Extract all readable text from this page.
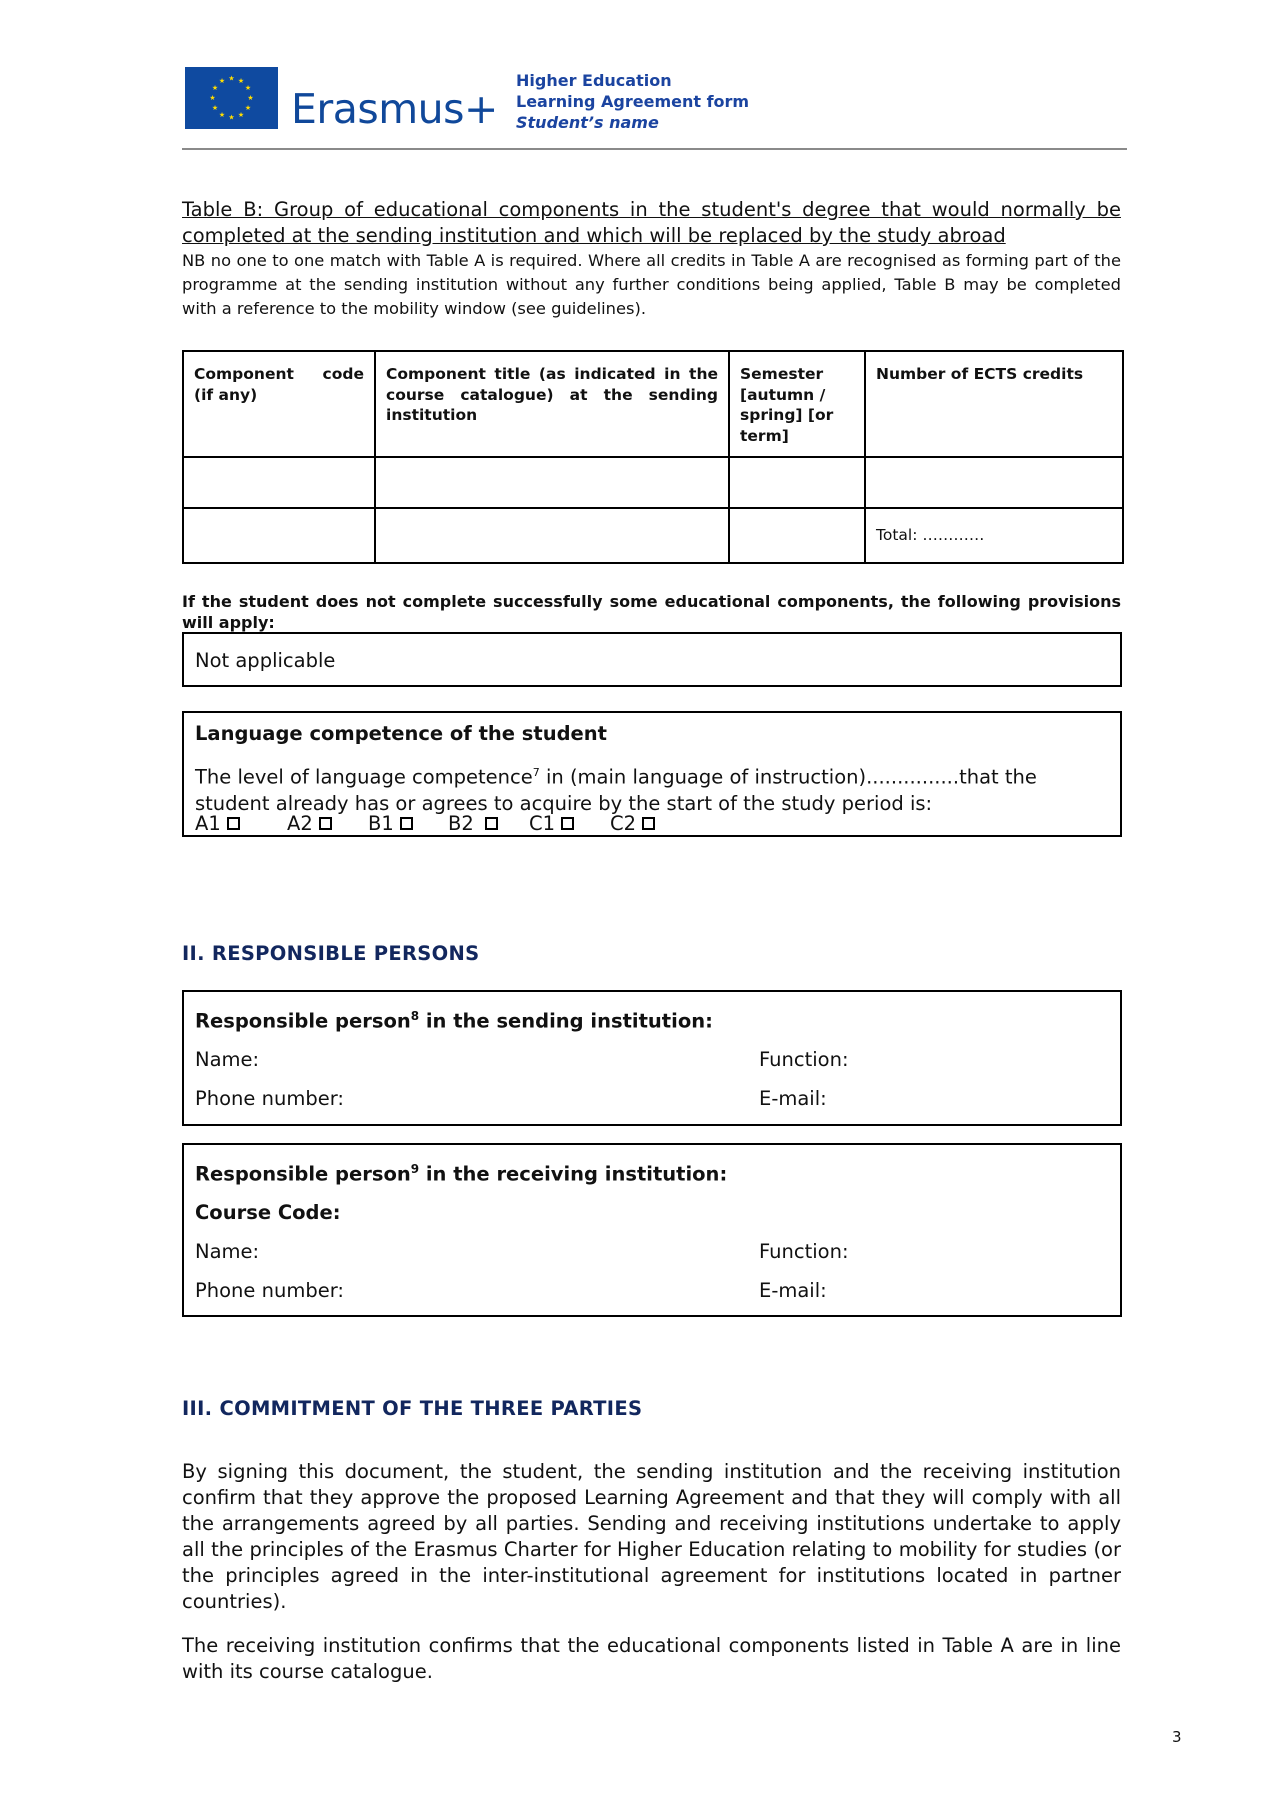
★ ★
★
★
★
★
★
★
★
★
★
★
Erasmus+
Higher Education
Learning Agreement form
Student’s name
Table B: Group of educational components in the student's degree that would normally be completed at the sending institution and which will be replaced by the study abroad
NB no one to one match with Table A is required. Where all credits in Table A are recognised as forming part of the programme at the sending institution without any further conditions being applied, Table B may be completed with a reference to the mobility window (see guidelines).
Component code (if any)	Component title (as indicated in the course catalogue) at the sending institution	Semester [autumn / spring] [or term]	Number of ECTS credits

			Total: …………
If the student does not complete successfully some educational components, the following provisions will apply:
Not applicable
Language competence of the student
The level of language competence$^7$ in (main language of instruction)...............that the student already has or agrees to acquire by the start of the study period is:
A1	A2	B1	B2	C1	C2
II. RESPONSIBLE PERSONS
Responsible person$^8$ in the sending institution:
Name:	Function:
Phone number:	E-mail:
Responsible person$^9$ in the receiving institution:
Course Code:
Name:	Function:
Phone number:	E-mail:
III. COMMITMENT OF THE THREE PARTIES
By signing this document, the student, the sending institution and the receiving institution confirm that they approve the proposed Learning Agreement and that they will comply with all the arrangements agreed by all parties. Sending and receiving institutions undertake to apply all the principles of the Erasmus Charter for Higher Education relating to mobility for studies (or the principles agreed in the inter-institutional agreement for institutions located in partner countries).
The receiving institution confirms that the educational components listed in Table A are in line with its course catalogue.
3
